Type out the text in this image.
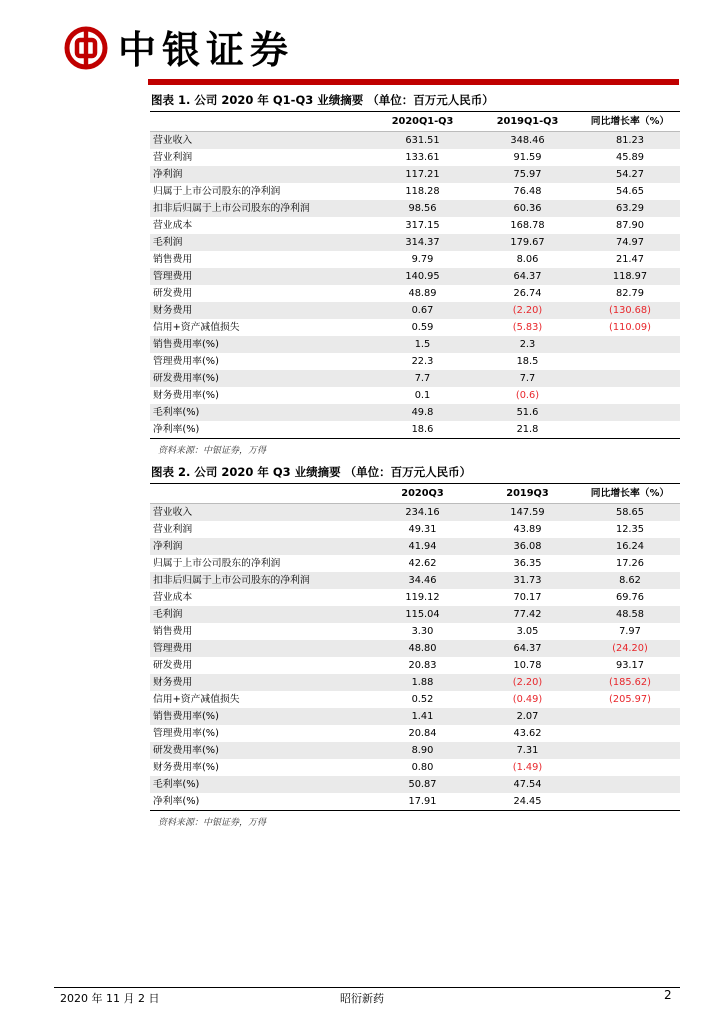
中银证券
图表 1. 公司 2020 年 Q1-Q3 业绩摘要 （单位：百万元人民币）
	2020Q1-Q3	2019Q1-Q3	同比增长率（%）
营业收入	631.51	348.46	81.23
营业利润	133.61	91.59	45.89
净利润	117.21	75.97	54.27
归属于上市公司股东的净利润	118.28	76.48	54.65
扣非后归属于上市公司股东的净利润	98.56	60.36	63.29
营业成本	317.15	168.78	87.90
毛利润	314.37	179.67	74.97
销售费用	9.79	8.06	21.47
管理费用	140.95	64.37	118.97
研发费用	48.89	26.74	82.79
财务费用	0.67	(2.20)	(130.68)
信用+资产减值损失	0.59	(5.83)	(110.09)
销售费用率(%)	1.5	2.3	
管理费用率(%)	22.3	18.5	
研发费用率(%)	7.7	7.7	
财务费用率(%)	0.1	(0.6)	
毛利率(%)	49.8	51.6	
净利率(%)	18.6	21.8	
资料来源：中银证券，万得
图表 2. 公司 2020 年 Q3 业绩摘要 （单位：百万元人民币）
	2020Q3	2019Q3	同比增长率（%）
营业收入	234.16	147.59	58.65
营业利润	49.31	43.89	12.35
净利润	41.94	36.08	16.24
归属于上市公司股东的净利润	42.62	36.35	17.26
扣非后归属于上市公司股东的净利润	34.46	31.73	8.62
营业成本	119.12	70.17	69.76
毛利润	115.04	77.42	48.58
销售费用	3.30	3.05	7.97
管理费用	48.80	64.37	(24.20)
研发费用	20.83	10.78	93.17
财务费用	1.88	(2.20)	(185.62)
信用+资产减值损失	0.52	(0.49)	(205.97)
销售费用率(%)	1.41	2.07	
管理费用率(%)	20.84	43.62	
研发费用率(%)	8.90	7.31	
财务费用率(%)	0.80	(1.49)	
毛利率(%)	50.87	47.54	
净利率(%)	17.91	24.45	
资料来源：中银证券，万得
2020 年 11 月 2 日	昭衍新药	2
